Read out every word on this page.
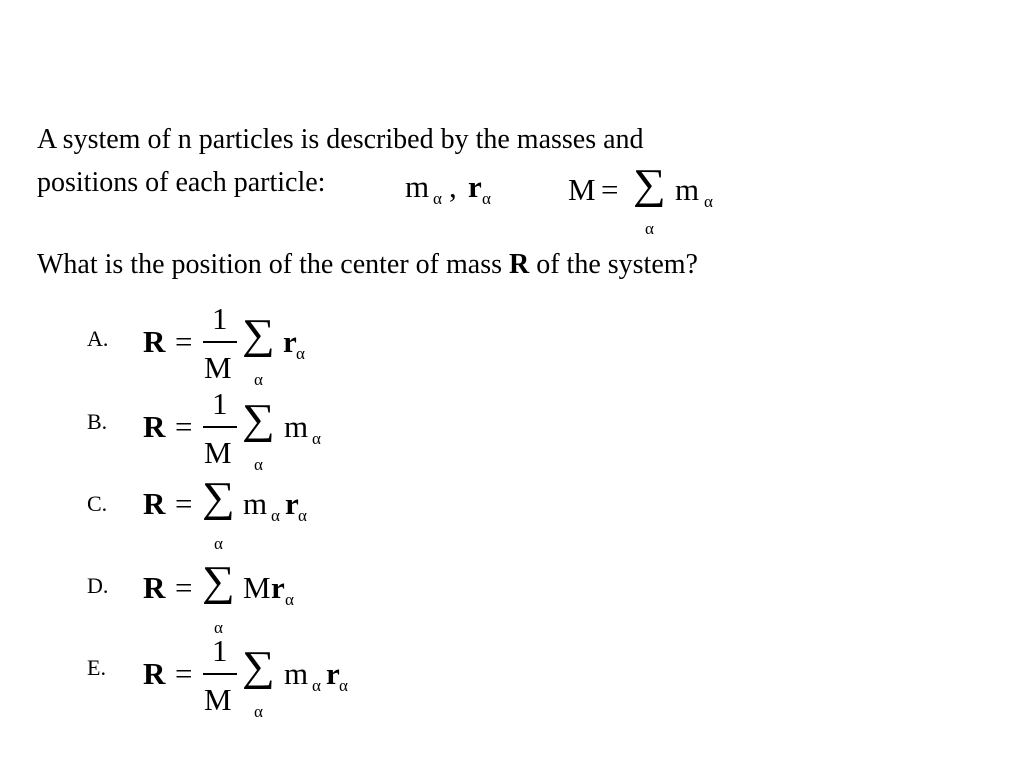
A system of n particles is described by the masses and
positions of each particle:	m α , r α M = ∑ m α
α
What is the position of the center of mass R of the system?
A. R =
1
M
∑
α
r α
B. R =
1
M
∑
α
m α
C. R = ∑
α
m α r α
D. R = ∑
α
M r α
E. R =
1
M
∑
α
m α r α
